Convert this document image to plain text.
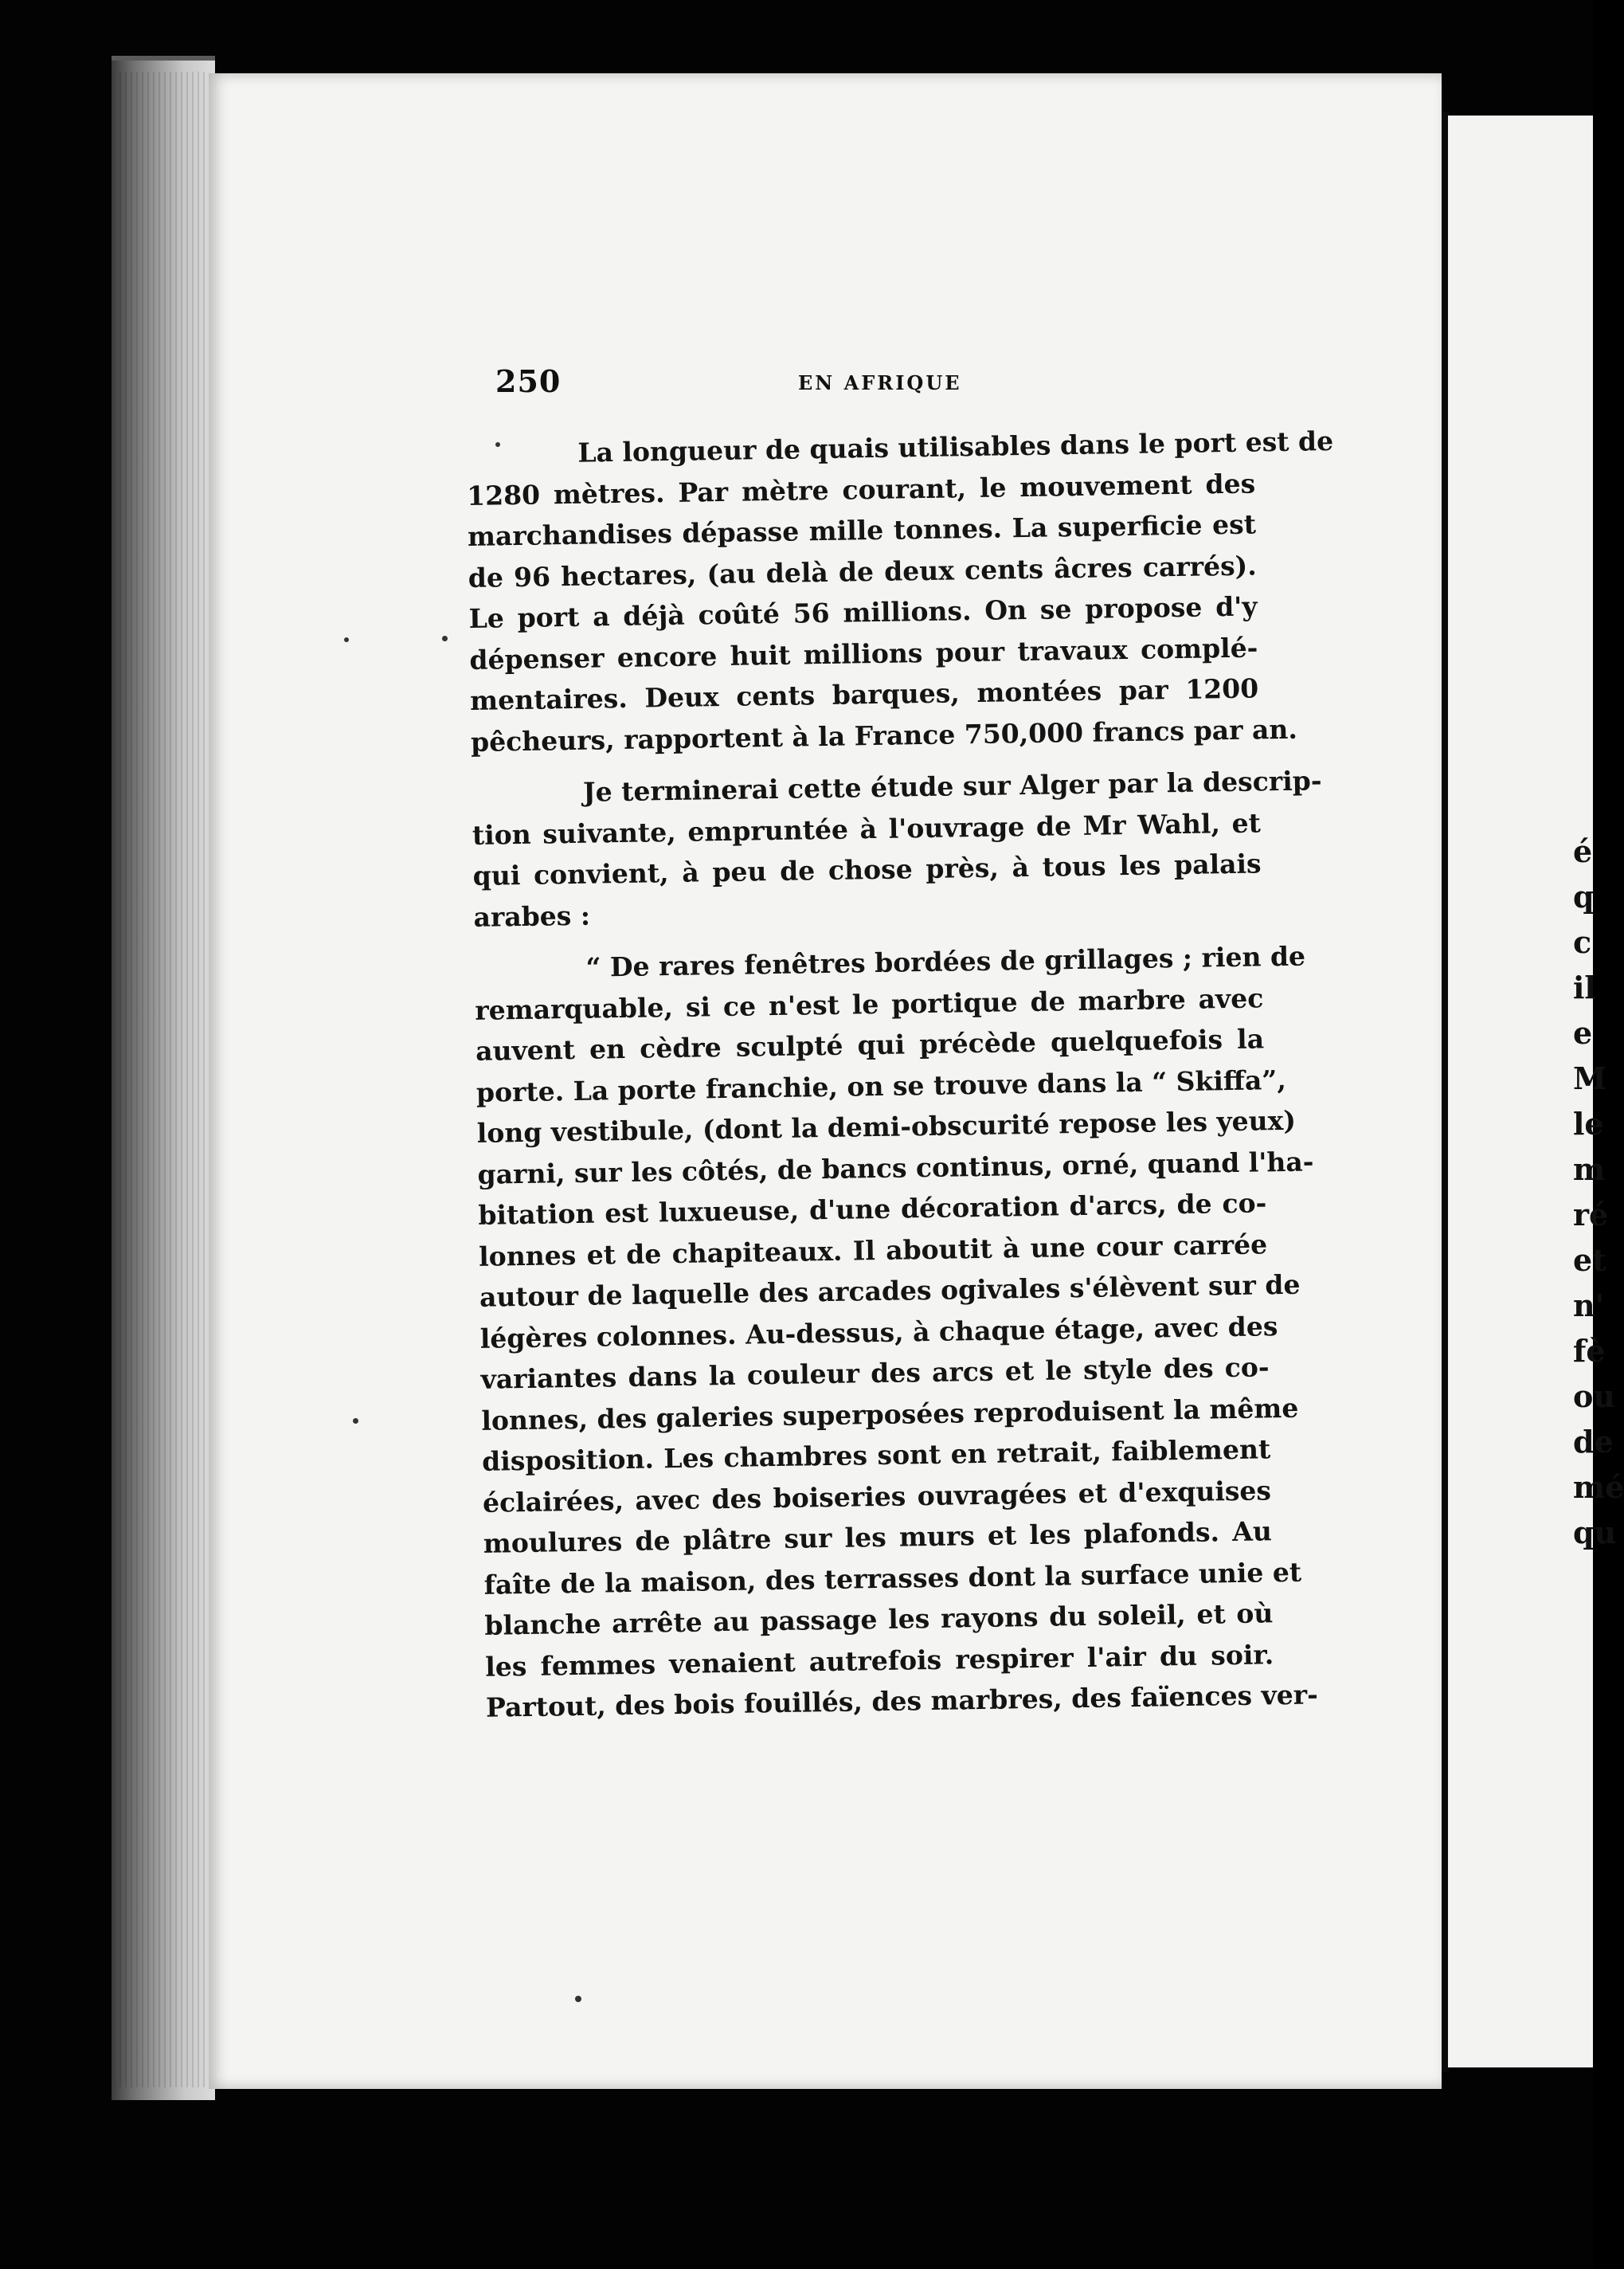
é
q
c
il
e
M
le
m
ré
et
n'
fè
ou
de
mé
qu
250	EN AFRIQUE
La longueur de quais utilisables dans le port est de
1280 mètres. Par mètre courant, le mouvement des
marchandises dépasse mille tonnes. La superficie est
de 96 hectares, (au delà de deux cents âcres carrés).
Le port a déjà coûté 56 millions. On se propose d'y
dépenser encore huit millions pour travaux complé-
mentaires. Deux cents barques, montées par 1200
pêcheurs, rapportent à la France 750,000 francs par an.
Je terminerai cette étude sur Alger par la descrip-
tion suivante, empruntée à l'ouvrage de Mr Wahl, et
qui convient, à peu de chose près, à tous les palais
arabes :
“ De rares fenêtres bordées de grillages ; rien de
remarquable, si ce n'est le portique de marbre avec
auvent en cèdre sculpté qui précède quelquefois la
porte. La porte franchie, on se trouve dans la “ Skiffa”,
long vestibule, (dont la demi-obscurité repose les yeux)
garni, sur les côtés, de bancs continus, orné, quand l'ha-
bitation est luxueuse, d'une décoration d'arcs, de co-
lonnes et de chapiteaux. Il aboutit à une cour carrée
autour de laquelle des arcades ogivales s'élèvent sur de
légères colonnes. Au-dessus, à chaque étage, avec des
variantes dans la couleur des arcs et le style des co-
lonnes, des galeries superposées reproduisent la même
disposition. Les chambres sont en retrait, faiblement
éclairées, avec des boiseries ouvragées et d'exquises
moulures de plâtre sur les murs et les plafonds. Au
faîte de la maison, des terrasses dont la surface unie et
blanche arrête au passage les rayons du soleil, et où
les femmes venaient autrefois respirer l'air du soir.
Partout, des bois fouillés, des marbres, des faïences ver-
